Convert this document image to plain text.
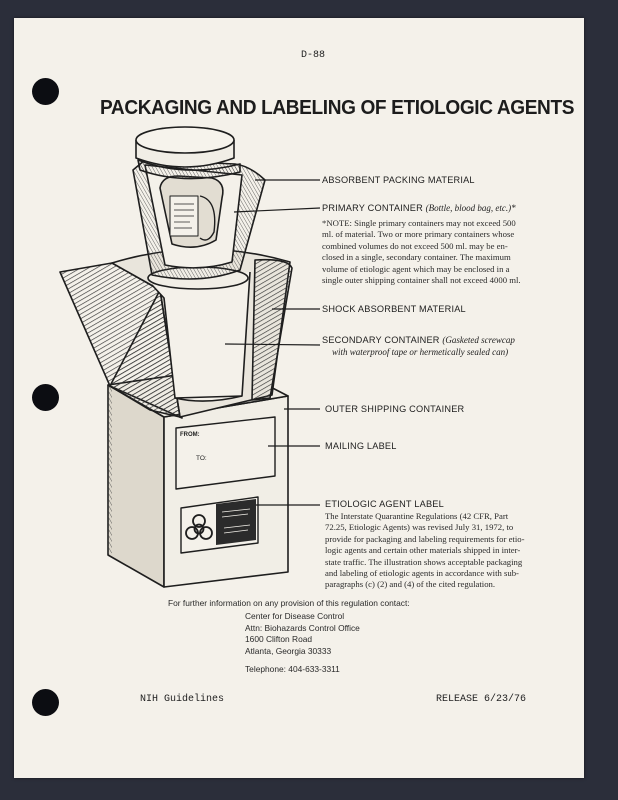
D-88
PACKAGING AND LABELING OF ETIOLOGIC AGENTS
FROM:
TO:
ABSORBENT PACKING MATERIAL
PRIMARY CONTAINER (Bottle, blood bag, etc.)*
*NOTE: Single primary containers may not exceed 500
ml. of material. Two or more primary containers whose
combined volumes do not exceed 500 ml. may be en-
closed in a single, secondary container. The maximum
volume of etiologic agent which may be enclosed in a
single outer shipping container shall not exceed 4000 ml.
SHOCK ABSORBENT MATERIAL
SECONDARY CONTAINER (Gasketed screwcap
with waterproof tape or hermetically sealed can)
OUTER SHIPPING CONTAINER
MAILING LABEL
ETIOLOGIC AGENT LABEL
The Interstate Quarantine Regulations (42 CFR, Part
72.25, Etiologic Agents) was revised July 31, 1972, to
provide for packaging and labeling requirements for etio-
logic agents and certain other materials shipped in inter-
state traffic. The illustration shows acceptable packaging
and labeling of etiologic agents in accordance with sub-
paragraphs (c) (2) and (4) of the cited regulation.
For further information on any provision of this regulation contact:
Center for Disease Control
Attn: Biohazards Control Office
1600 Clifton Road
Atlanta, Georgia 30333
Telephone: 404-633-3311
NIH Guidelines	RELEASE 6/23/76
